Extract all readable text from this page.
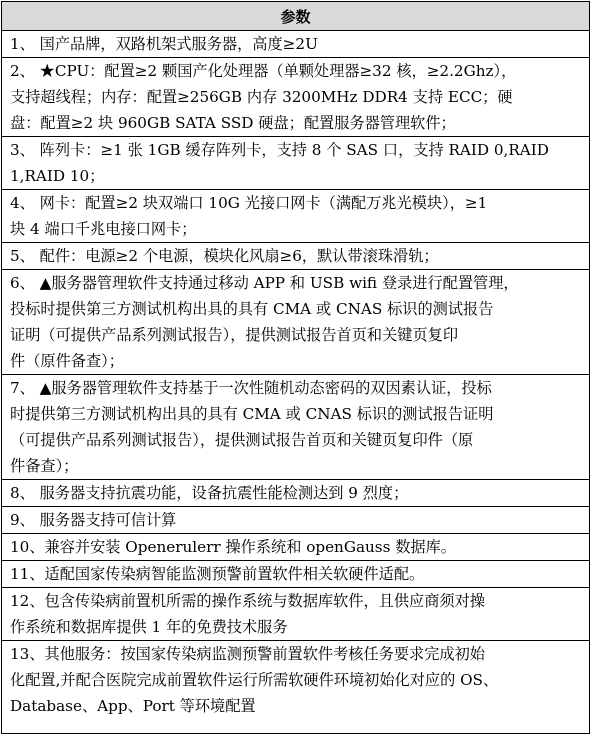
参数
1、 国产品牌，双路机架式服务器，高度≥2U
2、 ★CPU：配置≥2 颗国产化处理器（单颗处理器≥32 核，≥2.2Ghz），
支持超线程；内存：配置≥256GB 内存 3200MHz DDR4 支持 ECC；硬
盘：配置≥2 块 960GB SATA SSD 硬盘；配置服务器管理软件；
3、 阵列卡：≥1 张 1GB 缓存阵列卡，支持 8 个 SAS 口，支持 RAID 0,RAID
1,RAID 10；
4、 网卡：配置≥2 块双端口 10G 光接口网卡（满配万兆光模块），≥1
块 4 端口千兆电接口网卡；
5、 配件：电源≥2 个电源，模块化风扇≥6，默认带滚珠滑轨；
6、 ▲服务器管理软件支持通过移动 APP 和 USB wifi 登录进行配置管理，
投标时提供第三方测试机构出具的具有 CMA 或 CNAS 标识的测试报告
证明（可提供产品系列测试报告），提供测试报告首页和关键页复印
件（原件备查）；
7、 ▲服务器管理软件支持基于一次性随机动态密码的双因素认证，投标
时提供第三方测试机构出具的具有 CMA 或 CNAS 标识的测试报告证明
（可提供产品系列测试报告），提供测试报告首页和关键页复印件（原
件备查）；
8、 服务器支持抗震功能，设备抗震性能检测达到 9 烈度；
9、 服务器支持可信计算
10、兼容并安装 Openerulerr 操作系统和 openGauss 数据库。
11、适配国家传染病智能监测预警前置软件相关软硬件适配。
12、包含传染病前置机所需的操作系统与数据库软件，且供应商须对操
作系统和数据库提供 1 年的免费技术服务
13、其他服务：按国家传染病监测预警前置软件考核任务要求完成初始
化配置,并配合医院完成前置软件运行所需软硬件环境初始化对应的 OS、
Database、App、Port 等环境配置
